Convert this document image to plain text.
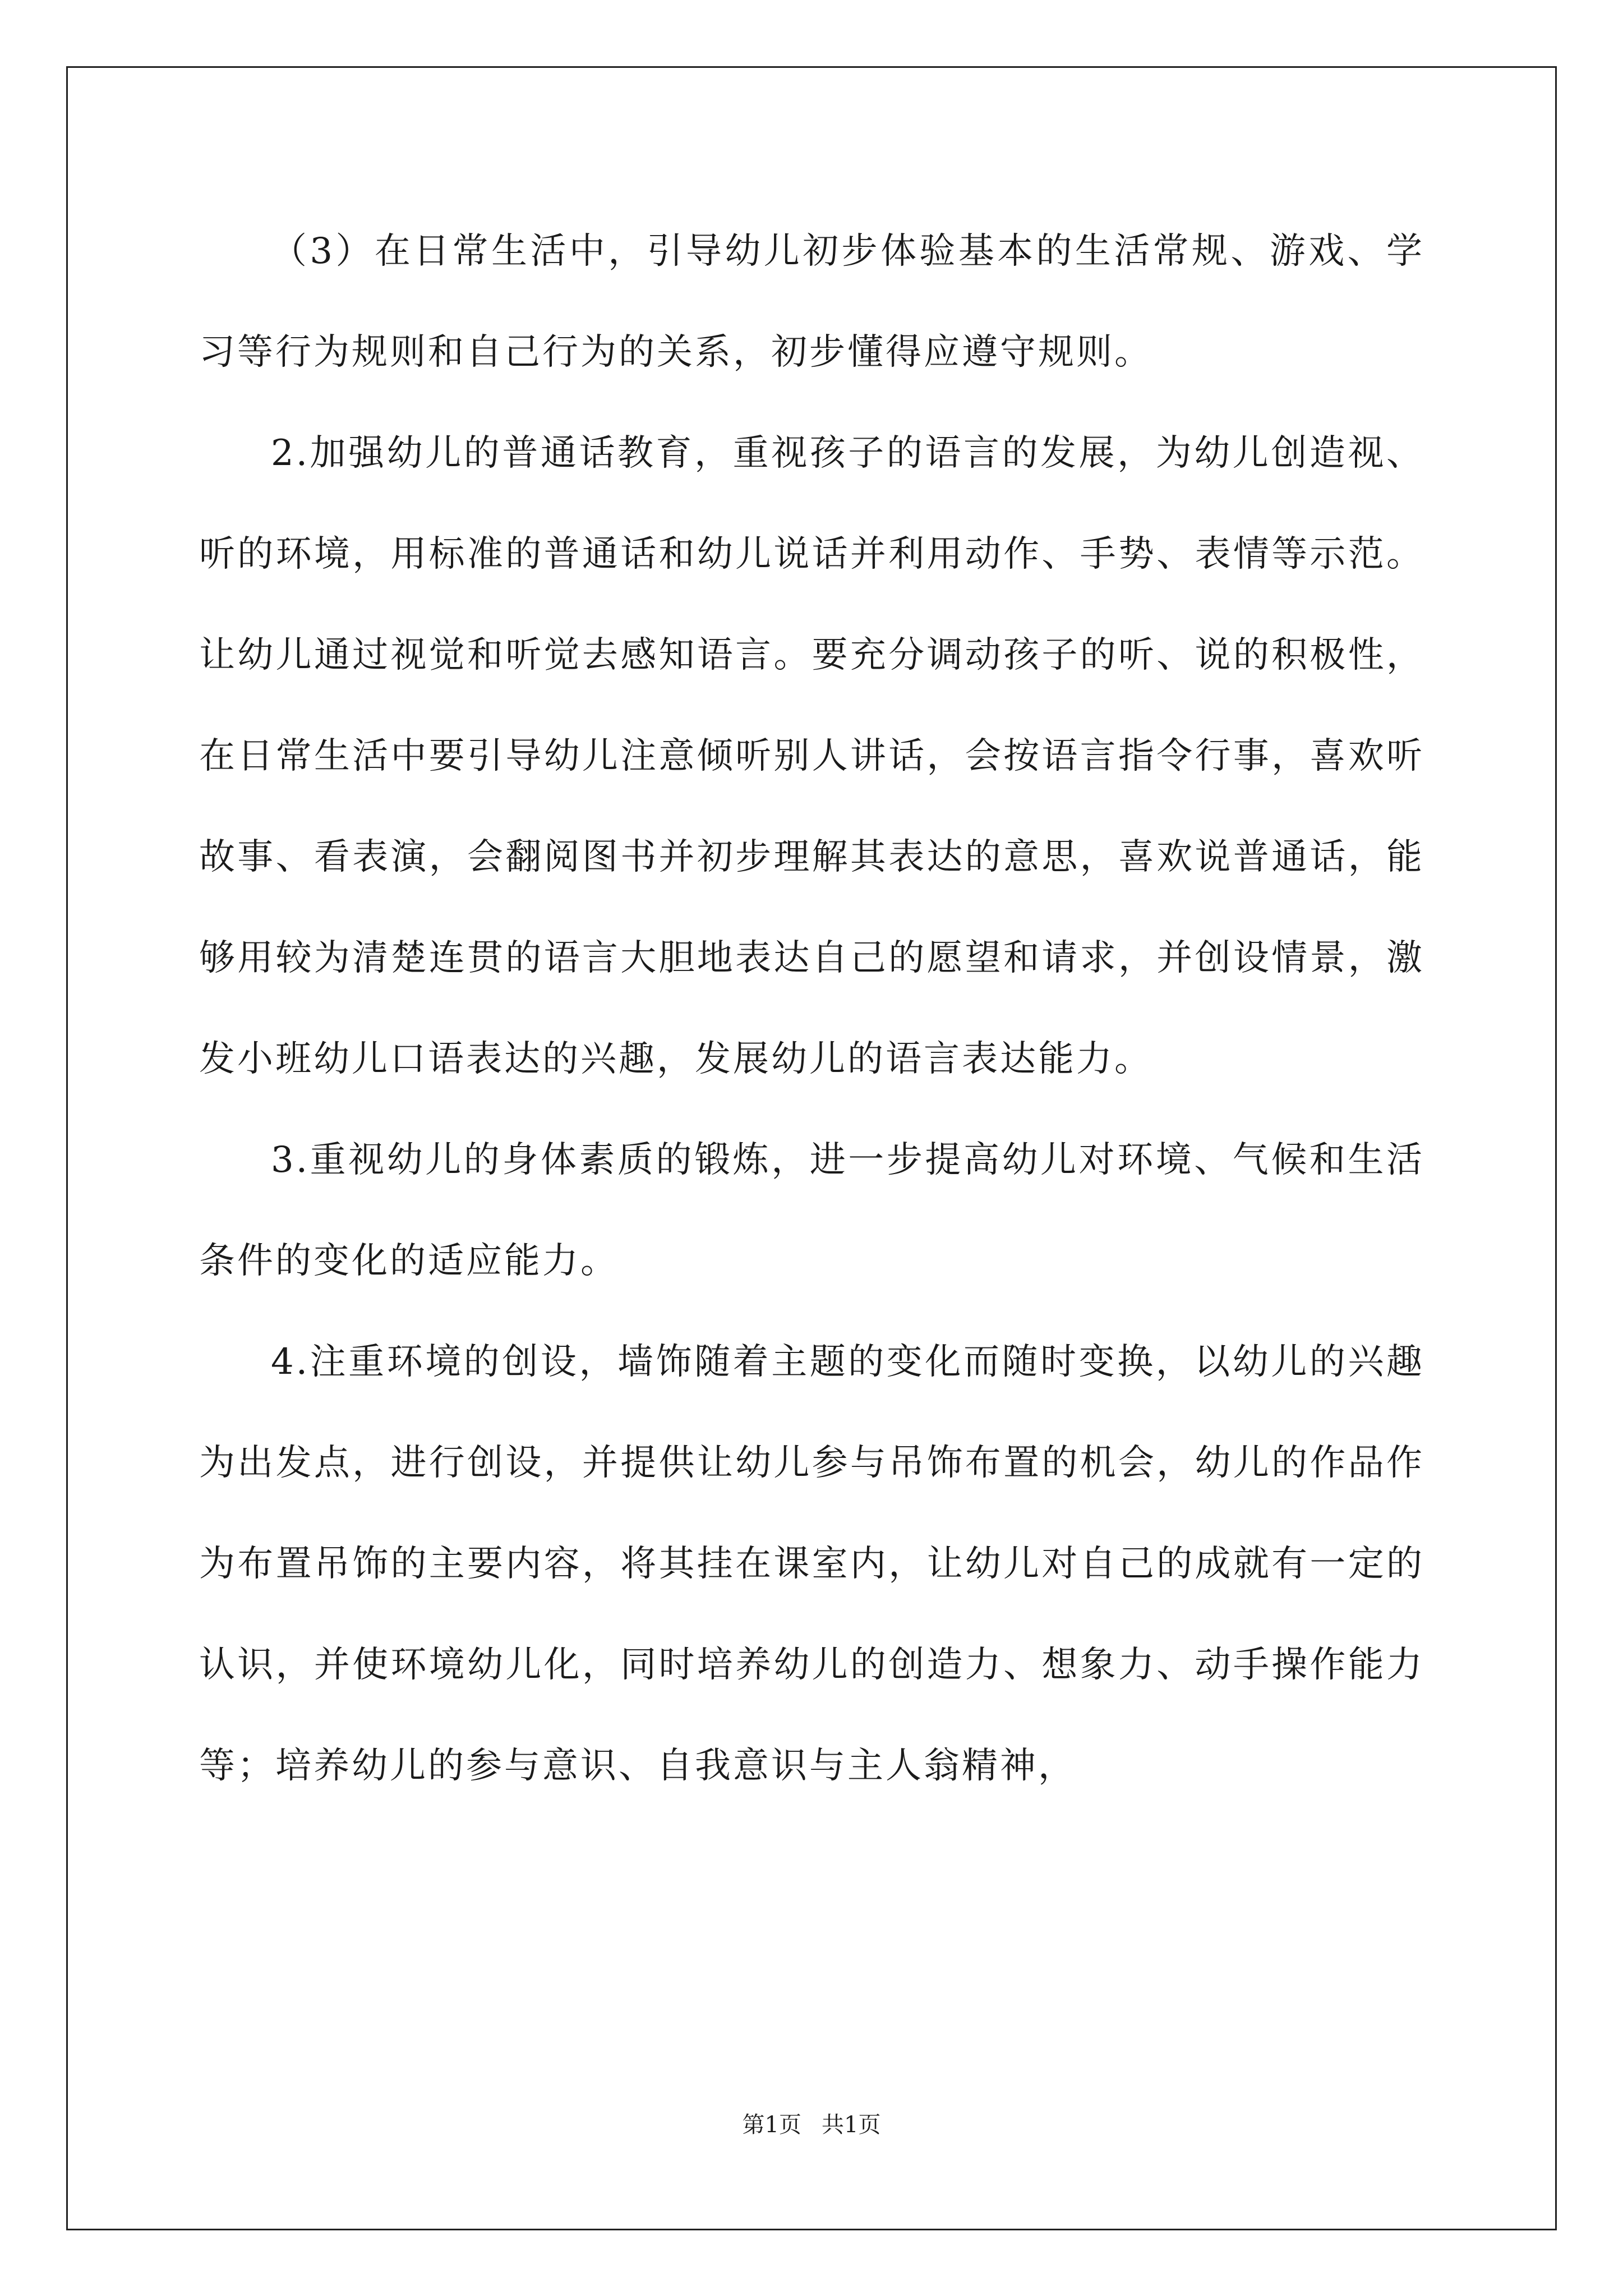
（3）在日常生活中，引导幼儿初步体验基本的生活常规、游戏、学习等行为规则和自己行为的关系，初步懂得应遵守规则。

2.加强幼儿的普通话教育，重视孩子的语言的发展，为幼儿创造视、听的环境，用标准的普通话和幼儿说话并利用动作、手势、表情等示范。让幼儿通过视觉和听觉去感知语言。要充分调动孩子的听、说的积极性，在日常生活中要引导幼儿注意倾听别人讲话，会按语言指令行事，喜欢听故事、看表演，会翻阅图书并初步理解其表达的意思，喜欢说普通话，能够用较为清楚连贯的语言大胆地表达自己的愿望和请求，并创设情景，激发小班幼儿口语表达的兴趣，发展幼儿的语言表达能力。

3.重视幼儿的身体素质的锻炼，进一步提高幼儿对环境、气候和生活条件的变化的适应能力。

4.注重环境的创设，墙饰随着主题的变化而随时变换，以幼儿的兴趣为出发点，进行创设，并提供让幼儿参与吊饰布置的机会，幼儿的作品作为布置吊饰的主要内容，将其挂在课室内，让幼儿对自己的成就有一定的认识，并使环境幼儿化，同时培养幼儿的创造力、想象力、动手操作能力等；培养幼儿的参与意识、自我意识与主人翁精神，

第1页 共1页
